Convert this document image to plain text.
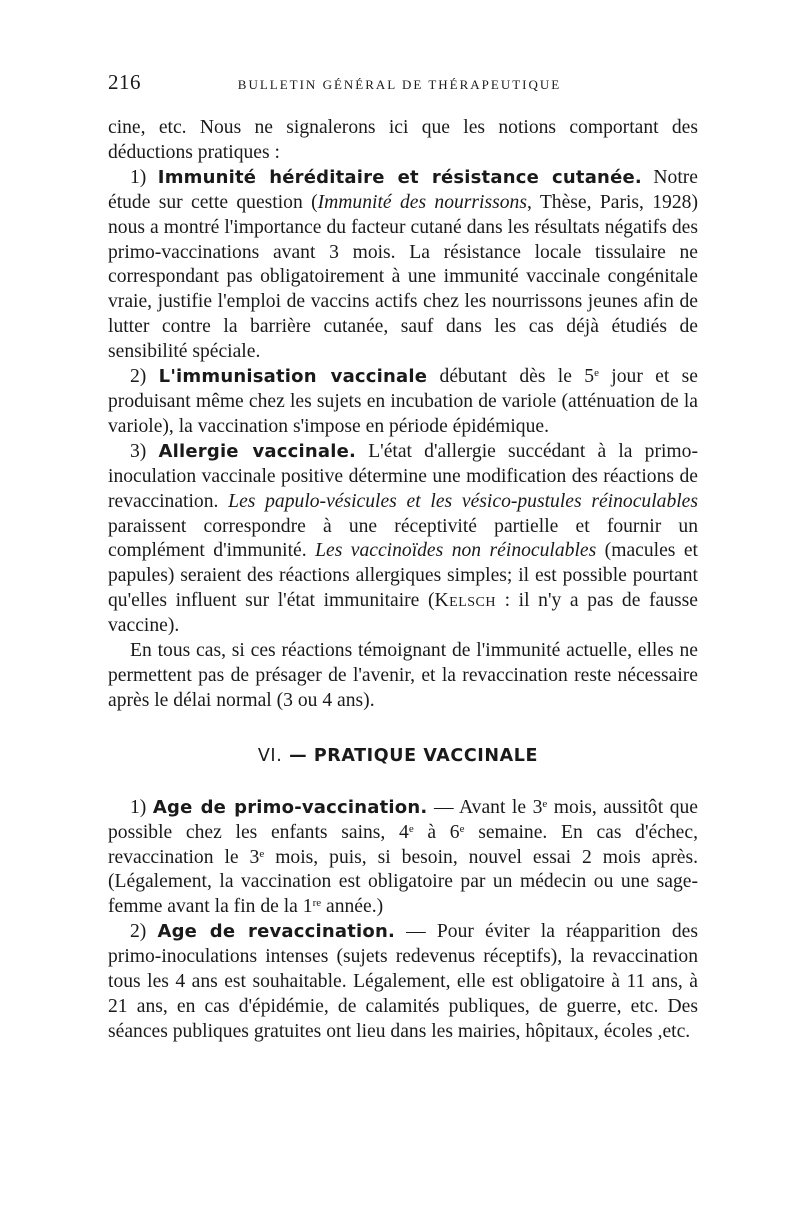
216	BULLETIN GÉNÉRAL DE THÉRAPEUTIQUE

cine, etc. Nous ne signalerons ici que les notions comportant des déductions pratiques :

1) Immunité héréditaire et résistance cutanée. Notre étude sur cette question (Immunité des nourrissons, Thèse, Paris, 1928) nous a montré l'importance du facteur cutané dans les résultats négatifs des primo-vaccinations avant 3 mois. La résistance locale tissulaire ne correspondant pas obligatoirement à une immunité vaccinale congénitale vraie, justifie l'emploi de vaccins actifs chez les nourrissons jeunes afin de lutter contre la barrière cutanée, sauf dans les cas déjà étudiés de sensibilité spéciale.

2) L'immunisation vaccinale débutant dès le 5e jour et se produisant même chez les sujets en incubation de variole (atténuation de la variole), la vaccination s'impose en période épidémique.

3) Allergie vaccinale. L'état d'allergie succédant à la primo-inoculation vaccinale positive détermine une modification des réactions de revaccination. Les papulo-vésicules et les vésico-pustules réinoculables paraissent correspondre à une réceptivité partielle et fournir un complément d'immunité. Les vaccinoïdes non réinoculables (macules et papules) seraient des réactions allergiques simples; il est possible pourtant qu'elles influent sur l'état immunitaire (Kelsch : il n'y a pas de fausse vaccine).

En tous cas, si ces réactions témoignant de l'immunité actuelle, elles ne permettent pas de présager de l'avenir, et la revaccination reste nécessaire après le délai normal (3 ou 4 ans).

VI. — PRATIQUE VACCINALE

1) Age de primo-vaccination. — Avant le 3e mois, aussitôt que possible chez les enfants sains, 4e à 6e semaine. En cas d'échec, revaccination le 3e mois, puis, si besoin, nouvel essai 2 mois après. (Légalement, la vaccination est obligatoire par un médecin ou une sage-femme avant la fin de la 1re année.)

2) Age de revaccination. — Pour éviter la réapparition des primo-inoculations intenses (sujets redevenus réceptifs), la revaccination tous les 4 ans est souhaitable. Légalement, elle est obligatoire à 11 ans, à 21 ans, en cas d'épidémie, de calamités publiques, de guerre, etc. Des séances publiques gratuites ont lieu dans les mairies, hôpitaux, écoles ,etc.
